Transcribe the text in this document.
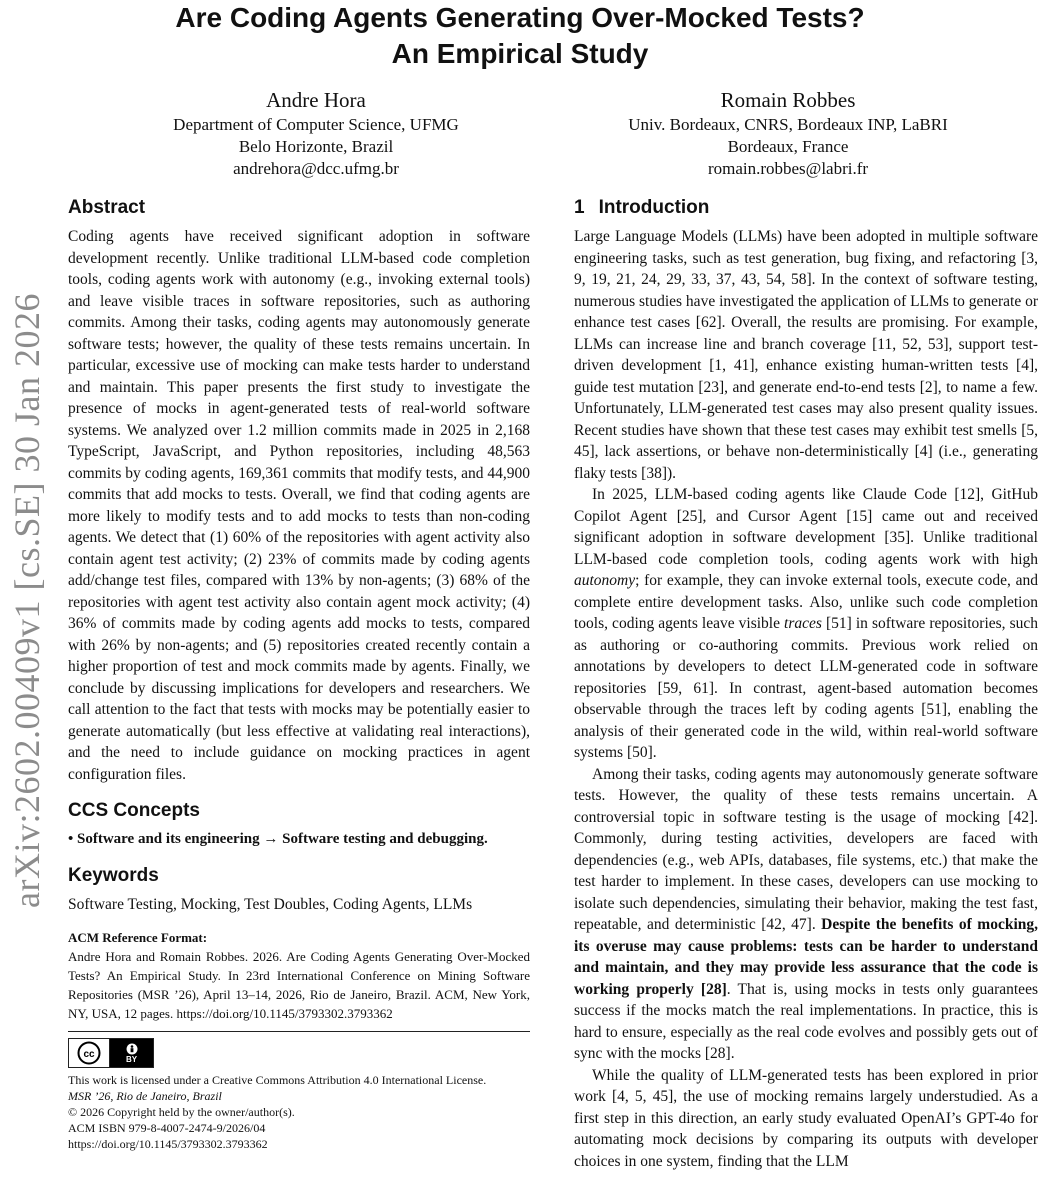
arXiv:2602.00409v1 [cs.SE] 30 Jan 2026
Are Coding Agents Generating Over-Mocked Tests?
An Empirical Study
Andre Hora
Department of Computer Science, UFMG
Belo Horizonte, Brazil
andrehora@dcc.ufmg.br
Romain Robbes
Univ. Bordeaux, CNRS, Bordeaux INP, LaBRI
Bordeaux, France
romain.robbes@labri.fr
Abstract

Coding agents have received significant adoption in software development recently. Unlike traditional LLM-based code completion tools, coding agents work with autonomy (e.g., invoking external tools) and leave visible traces in software repositories, such as authoring commits. Among their tasks, coding agents may autonomously generate software tests; however, the quality of these tests remains uncertain. In particular, excessive use of mocking can make tests harder to understand and maintain. This paper presents the first study to investigate the presence of mocks in agent-generated tests of real-world software systems. We analyzed over 1.2 million commits made in 2025 in 2,168 TypeScript, JavaScript, and Python repositories, including 48,563 commits by coding agents, 169,361 commits that modify tests, and 44,900 commits that add mocks to tests. Overall, we find that coding agents are more likely to modify tests and to add mocks to tests than non-coding agents. We detect that (1) 60% of the repositories with agent activity also contain agent test activity; (2) 23% of commits made by coding agents add/change test files, compared with 13% by non-agents; (3) 68% of the repositories with agent test activity also contain agent mock activity; (4) 36% of commits made by coding agents add mocks to tests, compared with 26% by non-agents; and (5) repositories created recently contain a higher proportion of test and mock commits made by agents. Finally, we conclude by discussing implications for developers and researchers. We call attention to the fact that tests with mocks may be potentially easier to generate automatically (but less effective at validating real interactions), and the need to include guidance on mocking practices in agent configuration files.

CCS Concepts

• Software and its engineering → Software testing and debugging.

Keywords

Software Testing, Mocking, Test Doubles, Coding Agents, LLMs

ACM Reference Format:

Andre Hora and Romain Robbes. 2026. Are Coding Agents Generating Over-Mocked Tests? An Empirical Study. In 23rd International Conference on Mining Software Repositories (MSR ’26), April 13–14, 2026, Rio de Janeiro, Brazil. ACM, New York, NY, USA, 12 pages. https://doi.org/10.1145/3793302.3793362

cc	BY

This work is licensed under a Creative Commons Attribution 4.0 International License.

MSR ’26, Rio de Janeiro, Brazil

© 2026 Copyright held by the owner/author(s).

ACM ISBN 979-8-4007-2474-9/2026/04

https://doi.org/10.1145/3793302.3793362

1 Introduction

Large Language Models (LLMs) have been adopted in multiple software engineering tasks, such as test generation, bug fixing, and refactoring [3, 9, 19, 21, 24, 29, 33, 37, 43, 54, 58]. In the context of software testing, numerous studies have investigated the application of LLMs to generate or enhance test cases [62]. Overall, the results are promising. For example, LLMs can increase line and branch coverage [11, 52, 53], support test-driven development [1, 41], enhance existing human-written tests [4], guide test mutation [23], and generate end-to-end tests [2], to name a few. Unfortunately, LLM-generated test cases may also present quality issues. Recent studies have shown that these test cases may exhibit test smells [5, 45], lack assertions, or behave non-deterministically [4] (i.e., generating flaky tests [38]).

In 2025, LLM-based coding agents like Claude Code [12], GitHub Copilot Agent [25], and Cursor Agent [15] came out and received significant adoption in software development [35]. Unlike traditional LLM-based code completion tools, coding agents work with high autonomy; for example, they can invoke external tools, execute code, and complete entire development tasks. Also, unlike such code completion tools, coding agents leave visible traces [51] in software repositories, such as authoring or co-authoring commits. Previous work relied on annotations by developers to detect LLM-generated code in software repositories [59, 61]. In contrast, agent-based automation becomes observable through the traces left by coding agents [51], enabling the analysis of their generated code in the wild, within real-world software systems [50].

Among their tasks, coding agents may autonomously generate software tests. However, the quality of these tests remains uncertain. A controversial topic in software testing is the usage of mocking [42]. Commonly, during testing activities, developers are faced with dependencies (e.g., web APIs, databases, file systems, etc.) that make the test harder to implement. In these cases, developers can use mocking to isolate such dependencies, simulating their behavior, making the test fast, repeatable, and deterministic [42, 47]. Despite the benefits of mocking, its overuse may cause problems: tests can be harder to understand and maintain, and they may provide less assurance that the code is working properly [28]. That is, using mocks in tests only guarantees success if the mocks match the real implementations. In practice, this is hard to ensure, especially as the real code evolves and possibly gets out of sync with the mocks [28].

While the quality of LLM-generated tests has been explored in prior work [4, 5, 45], the use of mocking remains largely understudied. As a first step in this direction, an early study evaluated OpenAI’s GPT-4o for automating mock decisions by comparing its outputs with developer choices in one system, finding that the LLM
